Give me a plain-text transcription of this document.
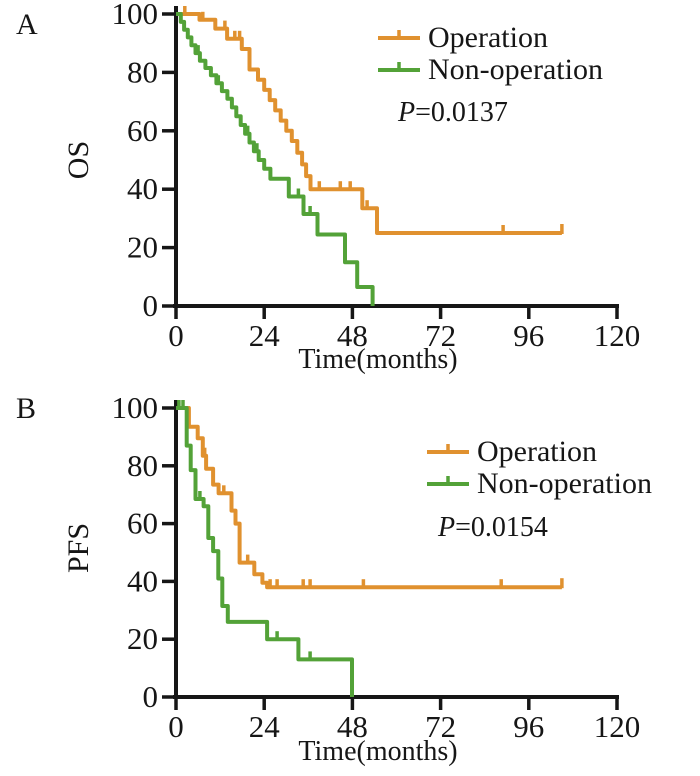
A
OS
0
20
40
60
80
100
0 24 48 72 96 120
Operation
Non-operation
P=0.0137
Time(months)
B
PFS
0
20
40
60
80
100
0 24 48 72 96 120
Operation
Non-operation
P=0.0154
Time(months)
